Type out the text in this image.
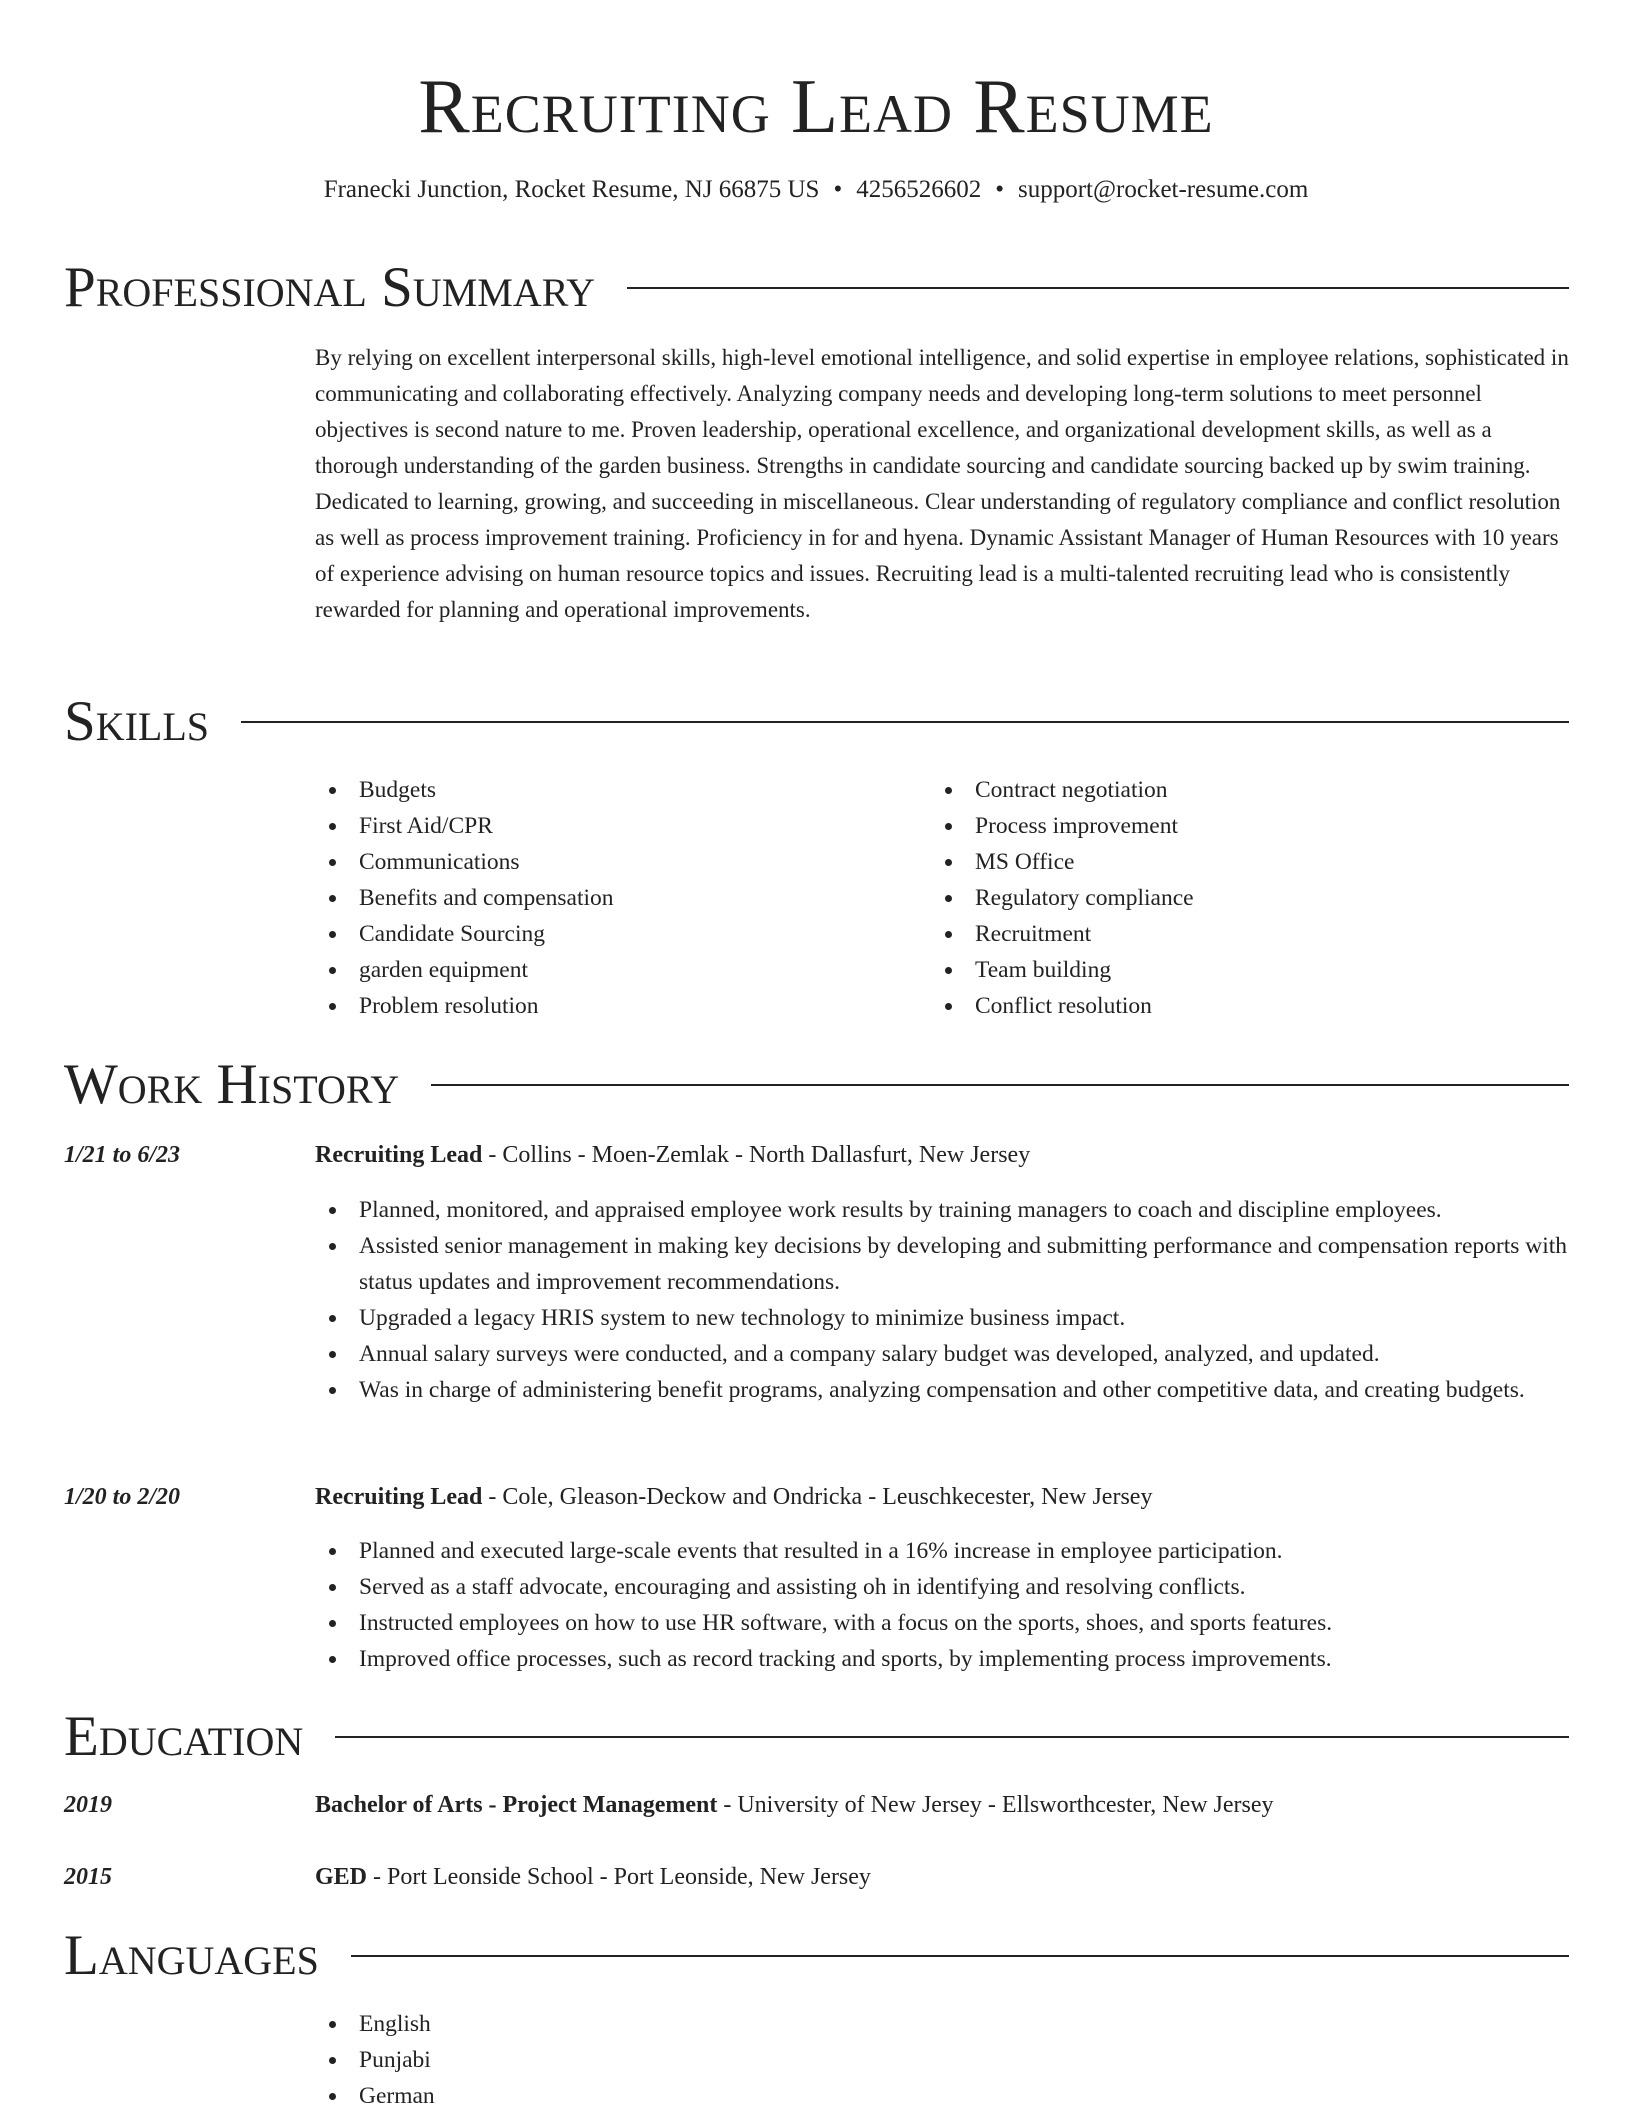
Recruiting Lead Resume
Franecki Junction, Rocket Resume, NJ 66875 US • 4256526602 • support@rocket-resume.com
Professional Summary

By relying on excellent interpersonal skills, high-level emotional intelligence, and solid expertise in employee relations, sophisticated in communicating and collaborating effectively. Analyzing company needs and developing long-term solutions to meet personnel objectives is second nature to me. Proven leadership, operational excellence, and organizational development skills, as well as a thorough understanding of the garden business. Strengths in candidate sourcing and candidate sourcing backed up by swim training. Dedicated to learning, growing, and succeeding in miscellaneous. Clear understanding of regulatory compliance and conflict resolution as well as process improvement training. Proficiency in for and hyena. Dynamic Assistant Manager of Human Resources with 10 years of experience advising on human resource topics and issues. Recruiting lead is a multi-talented recruiting lead who is consistently rewarded for planning and operational improvements.

Skills
Budgets
First Aid/CPR
Communications
Benefits and compensation
Candidate Sourcing
garden equipment
Problem resolution
Contract negotiation
Process improvement
MS Office
Regulatory compliance
Recruitment
Team building
Conflict resolution
Work History
1/21 to 6/23	Recruiting Lead - Collins - Moen-Zemlak - North Dallasfurt, New Jersey
Planned, monitored, and appraised employee work results by training managers to coach and discipline employees.
Assisted senior management in making key decisions by developing and submitting performance and compensation reports with status updates and improvement recommendations.
Upgraded a legacy HRIS system to new technology to minimize business impact.
Annual salary surveys were conducted, and a company salary budget was developed, analyzed, and updated.
Was in charge of administering benefit programs, analyzing compensation and other competitive data, and creating budgets.
1/20 to 2/20	Recruiting Lead - Cole, Gleason-Deckow and Ondricka - Leuschkecester, New Jersey
Planned and executed large-scale events that resulted in a 16% increase in employee participation.
Served as a staff advocate, encouraging and assisting oh in identifying and resolving conflicts.
Instructed employees on how to use HR software, with a focus on the sports, shoes, and sports features.
Improved office processes, such as record tracking and sports, by implementing process improvements.
Education
2019	Bachelor of Arts - Project Management - University of New Jersey - Ellsworthcester, New Jersey
2015	GED - Port Leonside School - Port Leonside, New Jersey
Languages
English
Punjabi
German
